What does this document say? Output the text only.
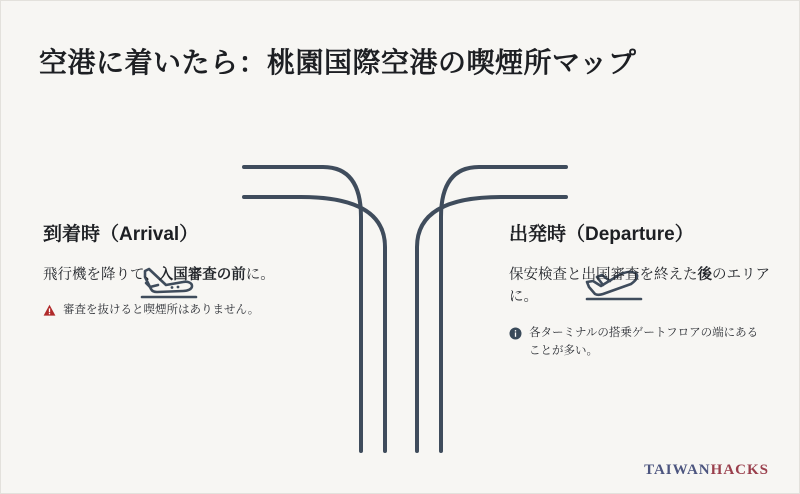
空港に着いたら：桃園国際空港の喫煙所マップ
到着時（Arrival）

飛行機を降りて、入国審査の前に。

審査を抜けると喫煙所はありません。
出発時（Departure）

保安検査と出国審査を終えた後のエリアに。

各ターミナルの搭乗ゲートフロアの端にあることが多い。
TAIWANHACKS
